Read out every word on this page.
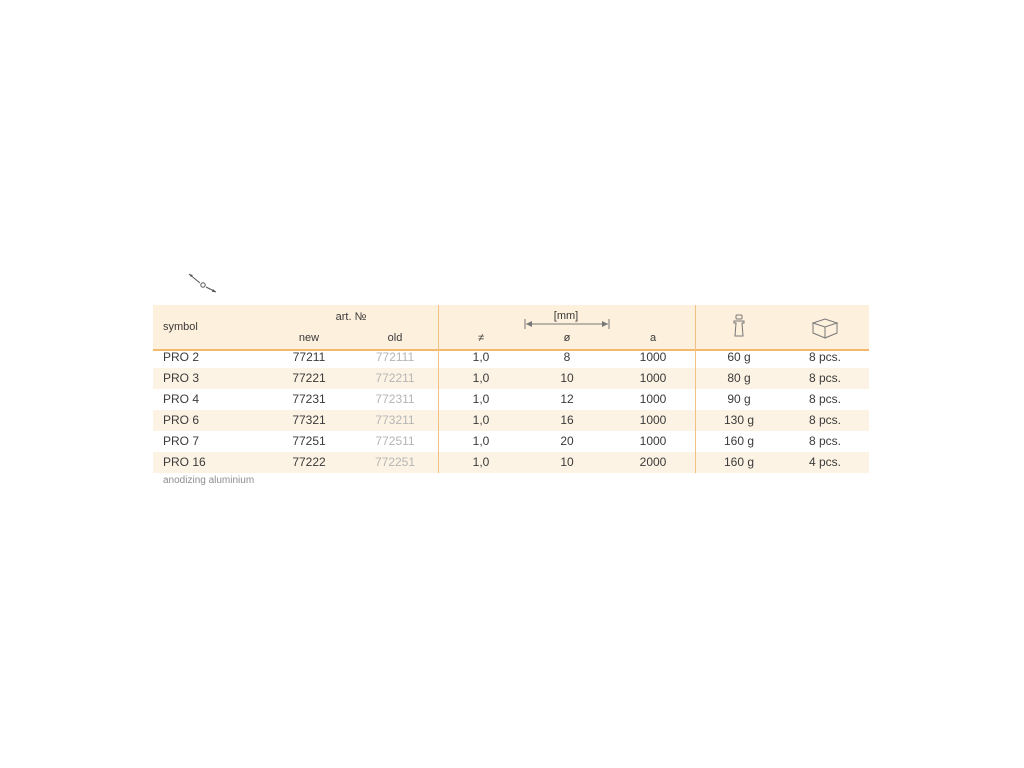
symbol
art. №
new	old
[mm]
≠	ø	a
PRO 2	77211	772111	1,0	8	1000	60 g	8 pcs.
PRO 3	77221	772211	1,0	10	1000	80 g	8 pcs.
PRO 4	77231	772311	1,0	12	1000	90 g	8 pcs.
PRO 6	77321	773211	1,0	16	1000	130 g	8 pcs.
PRO 7	77251	772511	1,0	20	1000	160 g	8 pcs.
PRO 16	77222	772251	1,0	10	2000	160 g	4 pcs.
anodizing aluminium
